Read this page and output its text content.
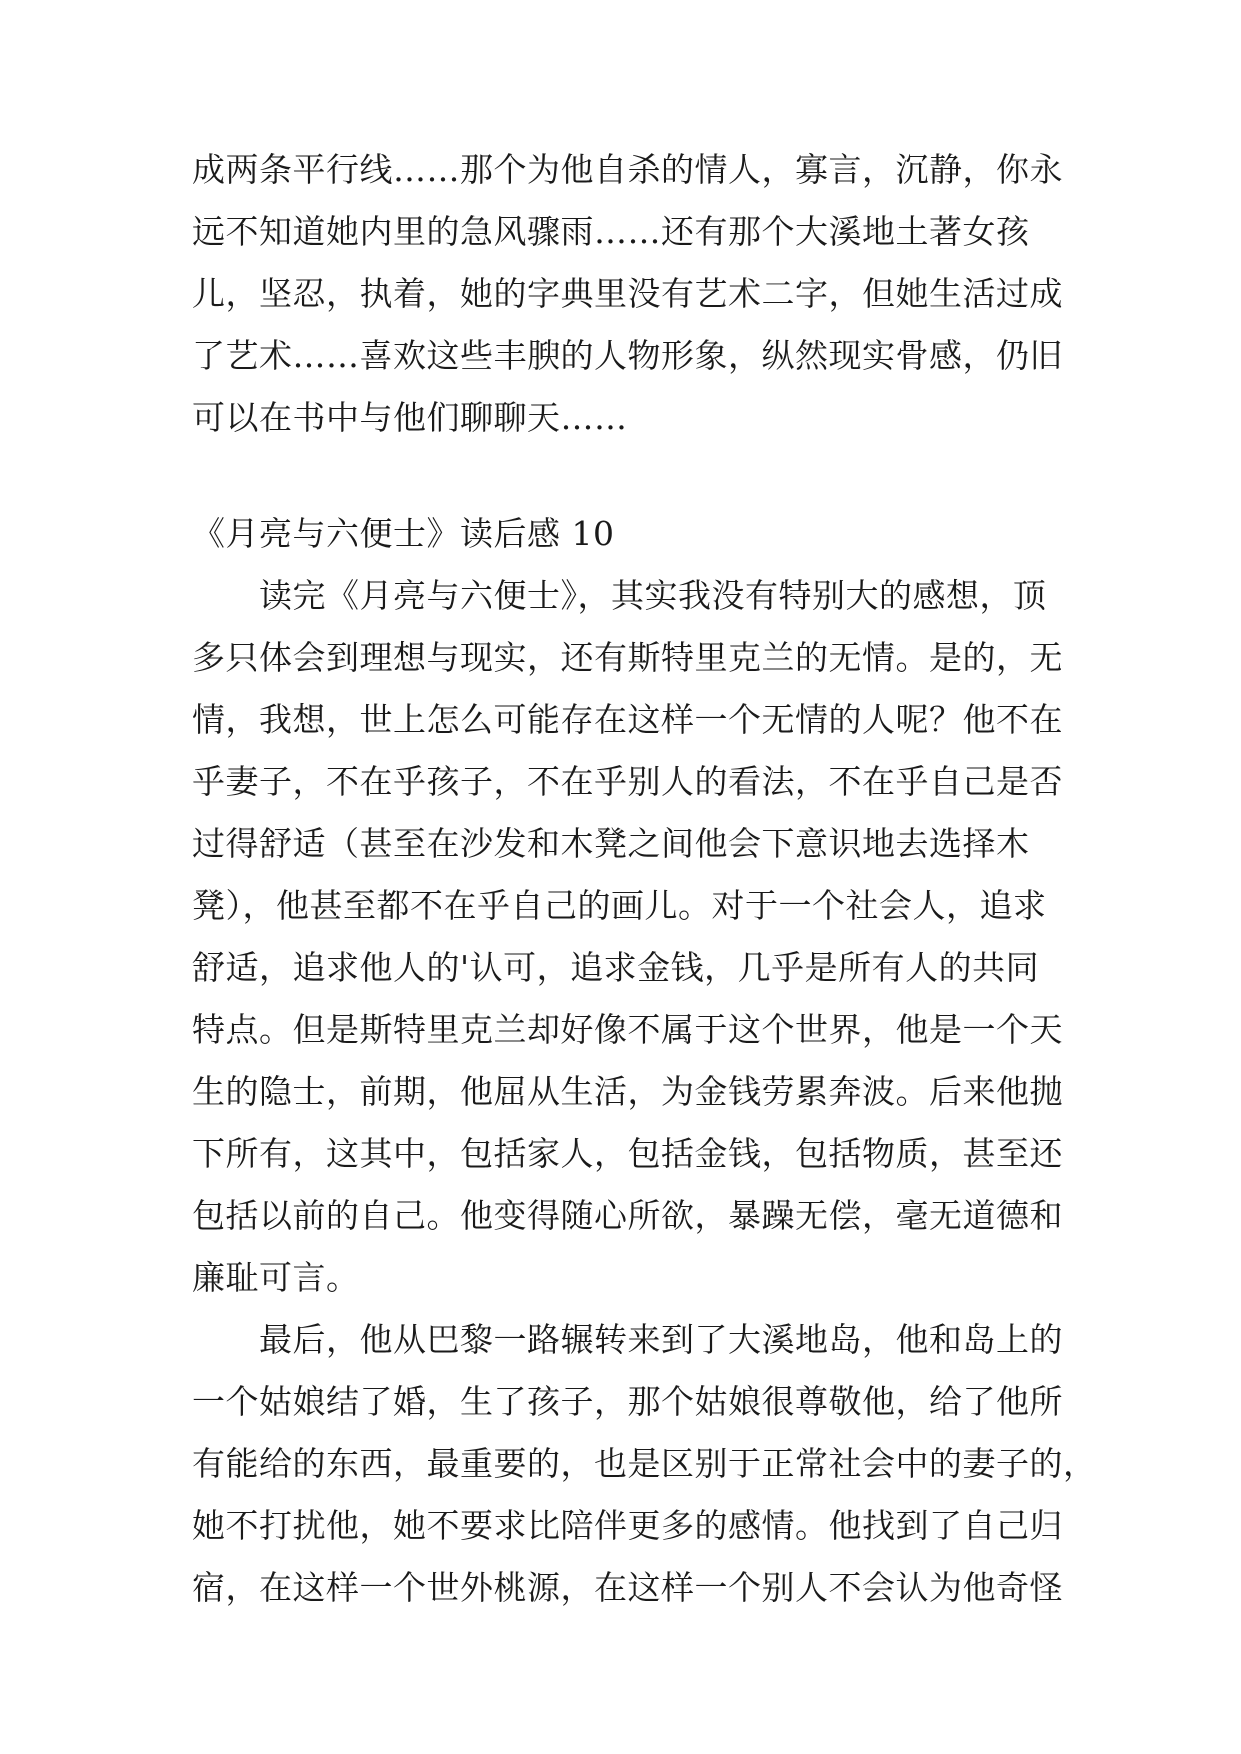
成两条平行线……那个为他自杀的情人，寡言，沉静，你永
远不知道她内里的急风骤雨……还有那个大溪地土著女孩
儿，坚忍，执着，她的字典里没有艺术二字，但她生活过成
了艺术……喜欢这些丰腴的人物形象，纵然现实骨感，仍旧
可以在书中与他们聊聊天……
《月亮与六便士》读后感 10
　　读完《月亮与六便士》，其实我没有特别大的感想，顶
多只体会到理想与现实，还有斯特里克兰的无情。是的，无
情，我想，世上怎么可能存在这样一个无情的人呢？他不在
乎妻子，不在乎孩子，不在乎别人的看法，不在乎自己是否
过得舒适（甚至在沙发和木凳之间他会下意识地去选择木
凳），他甚至都不在乎自己的画儿。对于一个社会人，追求
舒适，追求他人的'认可，追求金钱，几乎是所有人的共同
特点。但是斯特里克兰却好像不属于这个世界，他是一个天
生的隐士，前期，他屈从生活，为金钱劳累奔波。后来他抛
下所有，这其中，包括家人，包括金钱，包括物质，甚至还
包括以前的自己。他变得随心所欲，暴躁无偿，毫无道德和
廉耻可言。
　　最后，他从巴黎一路辗转来到了大溪地岛，他和岛上的
一个姑娘结了婚，生了孩子，那个姑娘很尊敬他，给了他所
有能给的东西，最重要的，也是区别于正常社会中的妻子的，
她不打扰他，她不要求比陪伴更多的感情。他找到了自己归
宿，在这样一个世外桃源，在这样一个别人不会认为他奇怪
